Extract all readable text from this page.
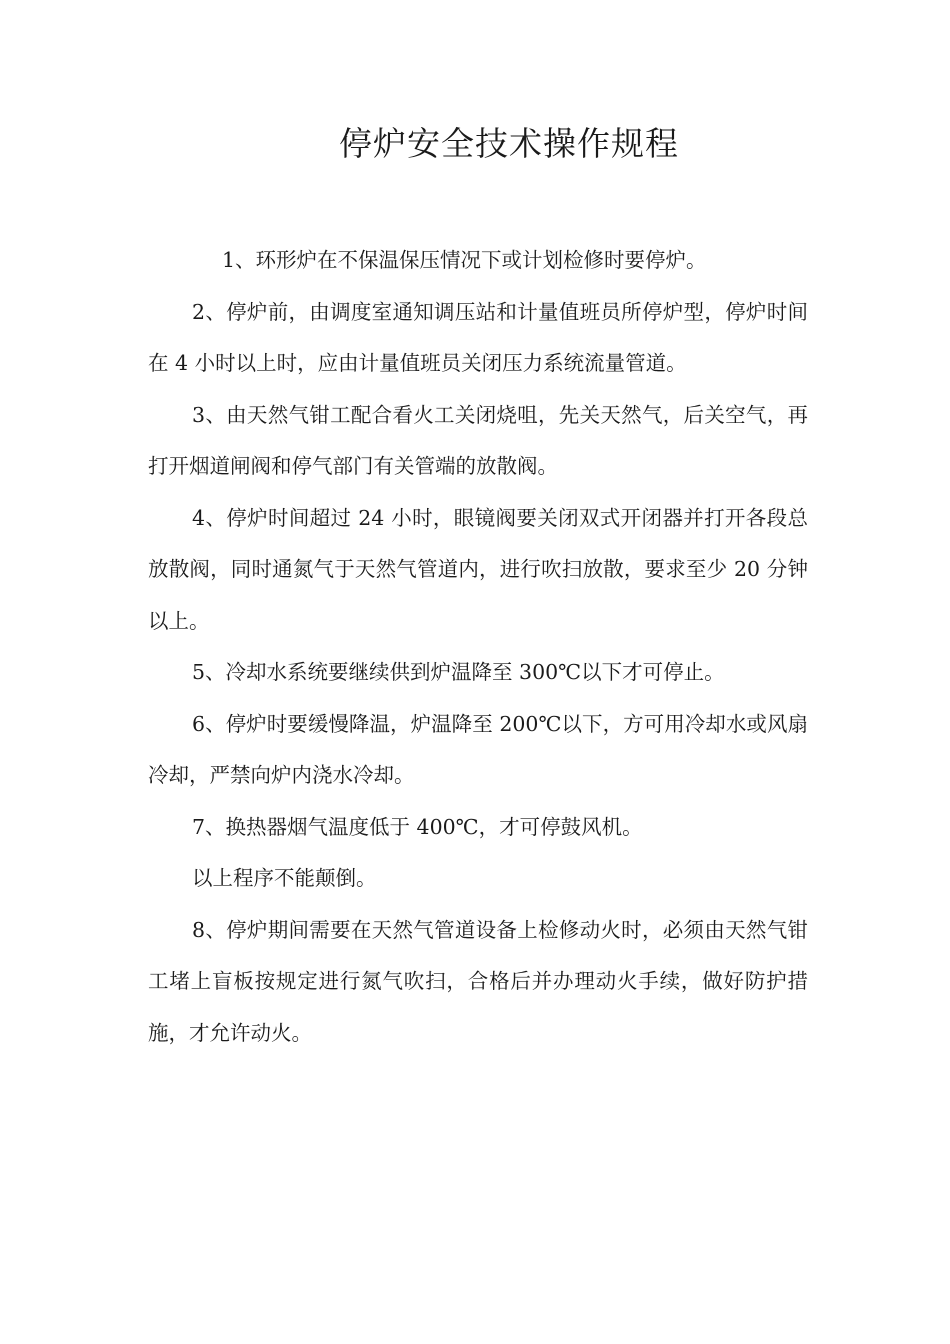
停炉安全技术操作规程

1、环形炉在不保温保压情况下或计划检修时要停炉。

2、停炉前，由调度室通知调压站和计量值班员所停炉型，停炉时间在 4 小时以上时，应由计量值班员关闭压力系统流量管道。

3、由天然气钳工配合看火工关闭烧咀，先关天然气，后关空气，再打开烟道闸阀和停气部门有关管端的放散阀。

4、停炉时间超过 24 小时，眼镜阀要关闭双式开闭器并打开各段总放散阀，同时通氮气于天然气管道内，进行吹扫放散，要求至少 20 分钟以上。

5、冷却水系统要继续供到炉温降至 300℃以下才可停止。

6、停炉时要缓慢降温，炉温降至 200℃以下，方可用冷却水或风扇冷却，严禁向炉内浇水冷却。

7、换热器烟气温度低于 400℃，才可停鼓风机。

以上程序不能颠倒。

8、停炉期间需要在天然气管道设备上检修动火时，必须由天然气钳工堵上盲板按规定进行氮气吹扫，合格后并办理动火手续，做好防护措施，才允许动火。
